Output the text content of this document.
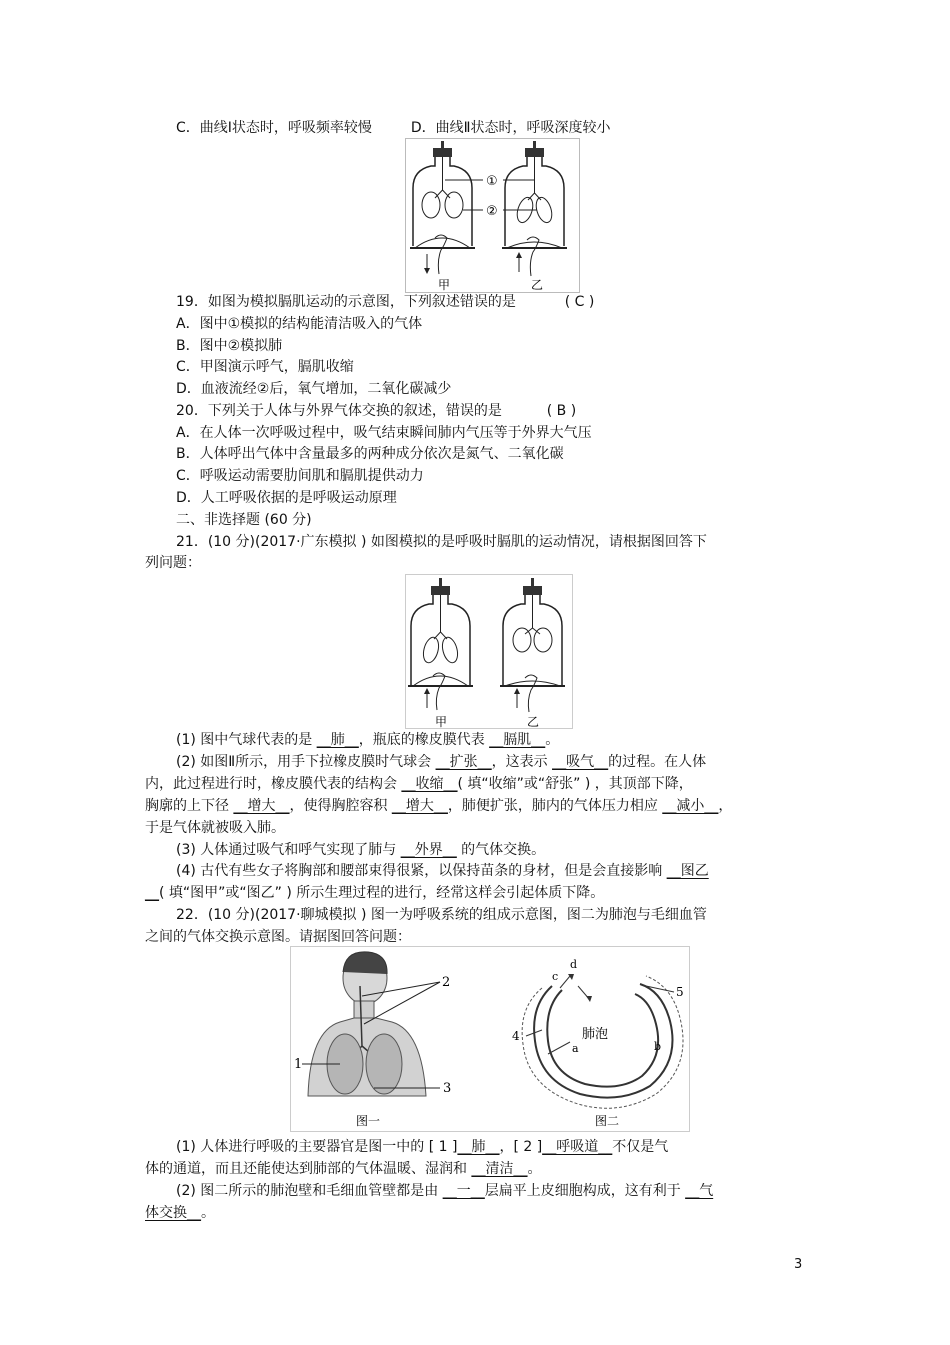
C．曲线Ⅰ状态时，呼吸频率较慢	D．曲线Ⅱ状态时，呼吸深度较小
①
②
甲	乙
19．如图为模拟膈肌运动的示意图，下列叙述错误的是	( C )
A．图中①模拟的结构能清洁吸入的气体
B．图中②模拟肺
C．甲图演示呼气，膈肌收缩
D．血液流经②后，氧气增加，二氧化碳减少
20．下列关于人体与外界气体交换的叙述，错误的是	( B )
A．在人体一次呼吸过程中，吸气结束瞬间肺内气压等于外界大气压
B．人体呼出气体中含量最多的两种成分依次是氮气、二氧化碳
C．呼吸运动需要肋间肌和膈肌提供动力
D．人工呼吸依据的是呼吸运动原理
二、非选择题 (60 分)
21．(10 分)(2017·广东模拟 ) 如图模拟的是呼吸时膈肌的运动情况，请根据图回答下
列问题：
甲	乙
(1) 图中气球代表的是 __肺__，瓶底的橡皮膜代表 __膈肌__。
(2) 如图Ⅱ所示，用手下拉橡皮膜时气球会 __扩张__，这表示 __吸气__的过程。在人体
内，此过程进行时，橡皮膜代表的结构会 __收缩__( 填“收缩”或“舒张” ) ，其顶部下降，
胸廓的上下径 __增大__，使得胸腔容积 __增大__，肺便扩张，肺内的气体压力相应 __减小__，
于是气体就被吸入肺。
(3) 人体通过吸气和呼气实现了肺与 __外界__ 的气体交换。
(4) 古代有些女子将胸部和腰部束得很紧，以保持苗条的身材，但是会直接影响 __图乙
__( 填“图甲”或“图乙” ) 所示生理过程的进行，经常这样会引起体质下降。
22．(10 分)(2017·聊城模拟 ) 图一为呼吸系统的组成示意图，图二为肺泡与毛细血管
之间的气体交换示意图。请据图回答问题：
1
2
3
图一
c
d
a	b
4
5
肺泡
图二
(1) 人体进行呼吸的主要器官是图一中的 [ 1 ]__肺__，[ 2 ]__呼吸道__不仅是气
体的通道，而且还能使达到肺部的气体温暖、湿润和 __清洁__。
(2) 图二所示的肺泡壁和毛细血管壁都是由 __一__层扁平上皮细胞构成，这有利于 __气
体交换__。
3
